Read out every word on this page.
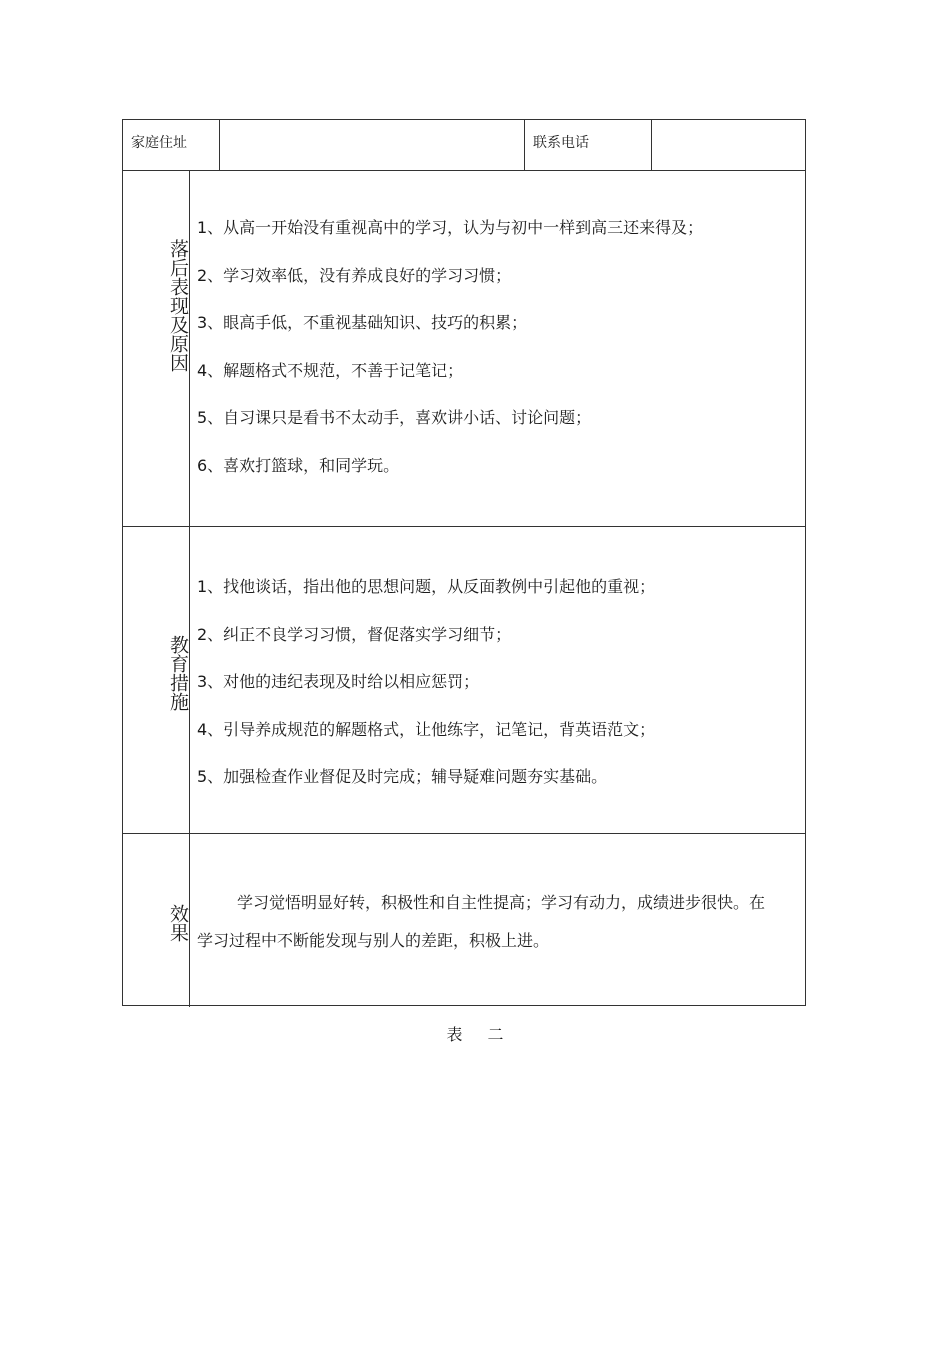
家庭住址	联系电话
落后表现及原因
1、从高一开始没有重视高中的学习，认为与初中一样到高三还来得及；
2、学习效率低，没有养成良好的学习习惯；
3、眼高手低，不重视基础知识、技巧的积累；
4、解题格式不规范，不善于记笔记；
5、自习课只是看书不太动手，喜欢讲小话、讨论问题；
6、喜欢打篮球，和同学玩。
教育措施
1、找他谈话，指出他的思想问题，从反面教例中引起他的重视；
2、纠正不良学习习惯，督促落实学习细节；
3、对他的违纪表现及时给以相应惩罚；
4、引导养成规范的解题格式，让他练字，记笔记，背英语范文；
5、加强检查作业督促及时完成；辅导疑难问题夯实基础。
效果

学习觉悟明显好转，积极性和自主性提高；学习有动力，成绩进步很快。在学习过程中不断能发现与别人的差距，积极上进。

表 二
